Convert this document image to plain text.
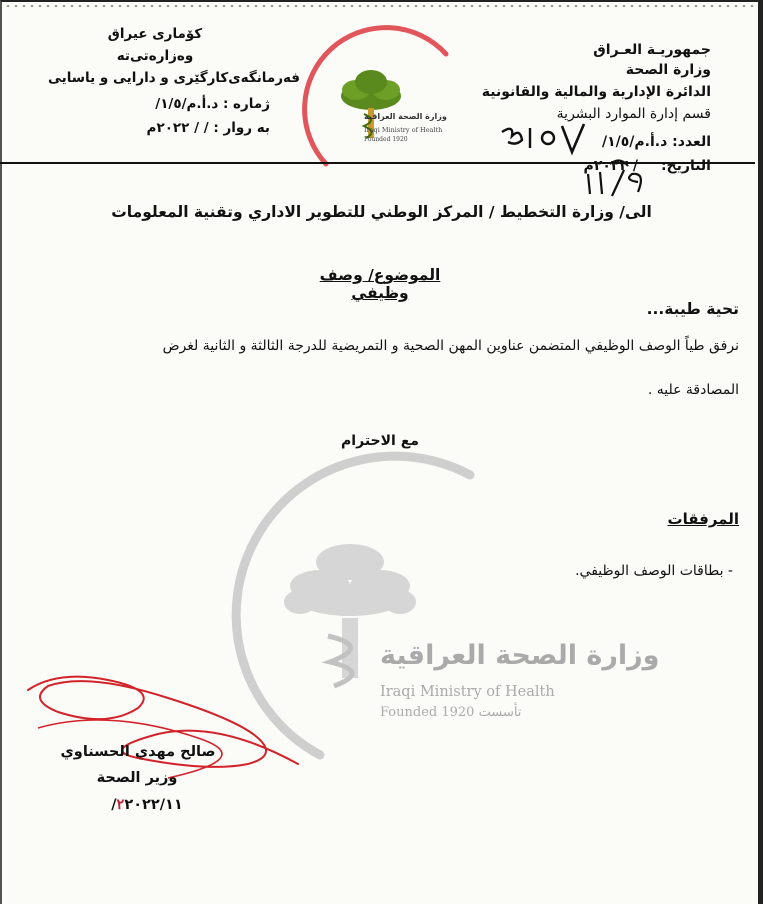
جمهوريـة العـراق
وزارة الصحة
الدائرة الإدارية والمالية والقانونية
قسم إدارة الموارد البشرية
العدد: د.أ.م/١/٥/
التاريخ:
/ ٢٠٢٢م
كۆماری عیراق
وەزارەتی‌تە
فەرمانگەی‌کارگێری و دارایی و یاسایی
ژماره : د.أ.م/١/٥/
به روار : / / ٢٠٢٢م
وزارة الصحة العراقية
Iraqi Ministry of Health
Founded 1920
الى/ وزارة التخطيط / المركز الوطني للتطوير الاداري وتقنية المعلومات
الموضوع/ وصف وظيفي
تحية طيبة...
نرفق طياً الوصف الوظيفي المتضمن عناوين المهن الصحية و التمريضية للدرجة الثالثة و الثانية لغرض
المصادقة عليه .
مع الاحترام
المرفقات
- بطاقات الوصف الوظيفي.
وزارة الصحة العراقية
Iraqi Ministry of Health
Founded 1920 تأسست
صالح مهدي الحسناوي
وزير الصحة
٢٢٠٢٢/١١/
